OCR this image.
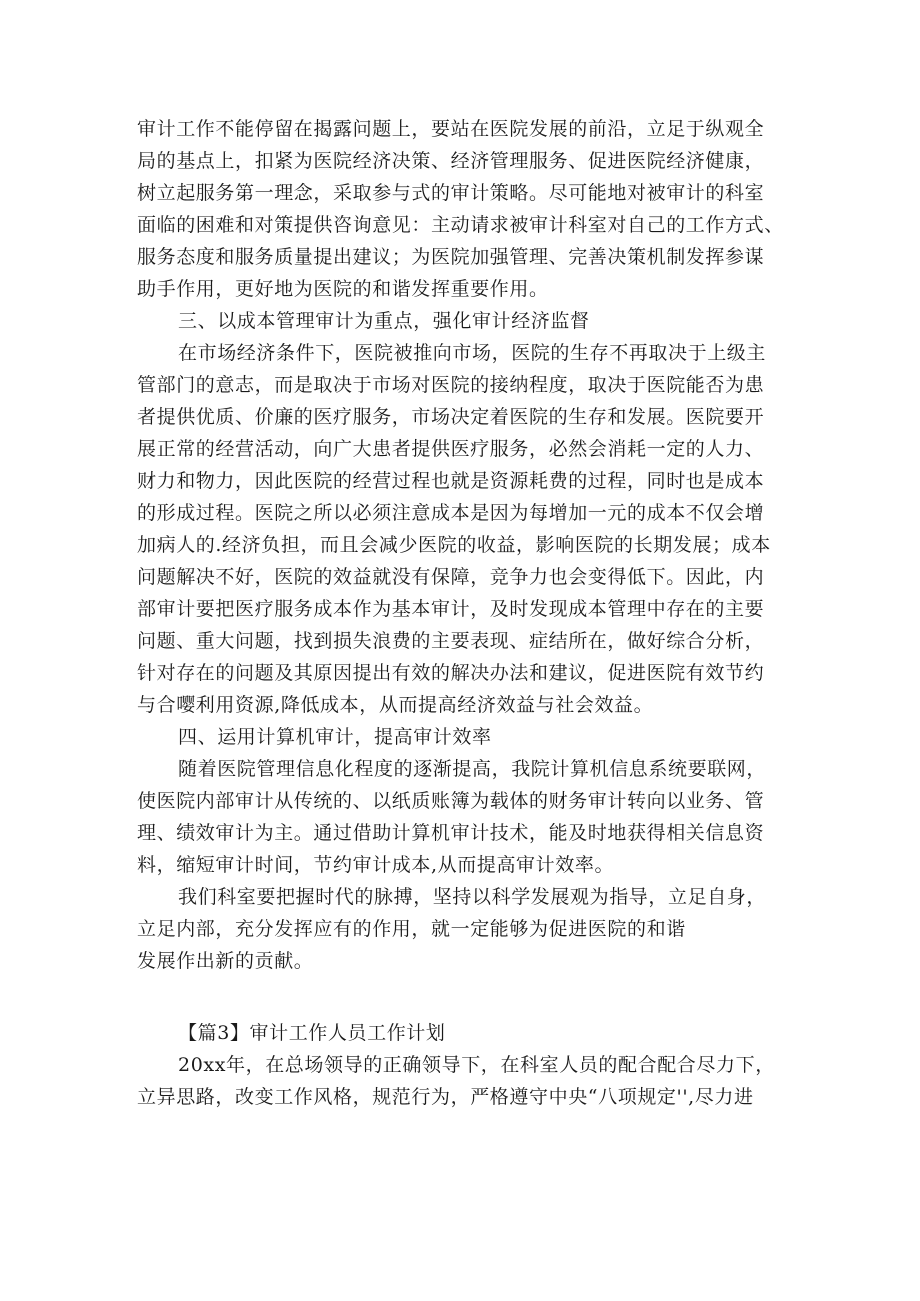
审计工作不能停留在揭露问题上，要站在医院发展的前沿，立足于纵观全
局的基点上，扣紧为医院经济决策、经济管理服务、促进医院经济健康，
树立起服务第一理念，采取参与式的审计策略。尽可能地对被审计的科室
面临的困难和对策提供咨询意见：主动请求被审计科室对自己的工作方式、
服务态度和服务质量提出建议；为医院加强管理、完善决策机制发挥参谋
助手作用，更好地为医院的和谐发挥重要作用。
三、以成本管理审计为重点，强化审计经济监督
在市场经济条件下，医院被推向市场，医院的生存不再取决于上级主
管部门的意志，而是取决于市场对医院的接纳程度，取决于医院能否为患
者提供优质、价廉的医疗服务，市场决定着医院的生存和发展。医院要开
展正常的经营活动，向广大患者提供医疗服务，必然会消耗一定的人力、
财力和物力，因此医院的经营过程也就是资源耗费的过程，同时也是成本
的形成过程。医院之所以必须注意成本是因为每增加一元的成本不仅会增
加病人的.经济负担，而且会减少医院的收益，影响医院的长期发展；成本
问题解决不好，医院的效益就没有保障，竞争力也会变得低下。因此，内
部审计要把医疗服务成本作为基本审计，及时发现成本管理中存在的主要
问题、重大问题，找到损失浪费的主要表现、症结所在，做好综合分析，
针对存在的问题及其原因提出有效的解决办法和建议，促进医院有效节约
与合嘤利用资源,降低成本，从而提高经济效益与社会效益。
四、运用计算机审计，提高审计效率
随着医院管理信息化程度的逐渐提高，我院计算机信息系统要联网，
使医院内部审计从传统的、以纸质账簿为载体的财务审计转向以业务、管
理、绩效审计为主。通过借助计算机审计技术，能及时地获得相关信息资
料，缩短审计时间，节约审计成本,从而提高审计效率。
我们科室要把握时代的脉搏，坚持以科学发展观为指导，立足自身，
立足内部，充分发挥应有的作用，就一定能够为促进医院的和谐
发展作出新的贡献。
【篇3】审计工作人员工作计划
20xx年，在总场领导的正确领导下，在科室人员的配合配合尽力下，
立异思路，改变工作风格，规范行为，严格遵守中央“八项规定'',尽力进
